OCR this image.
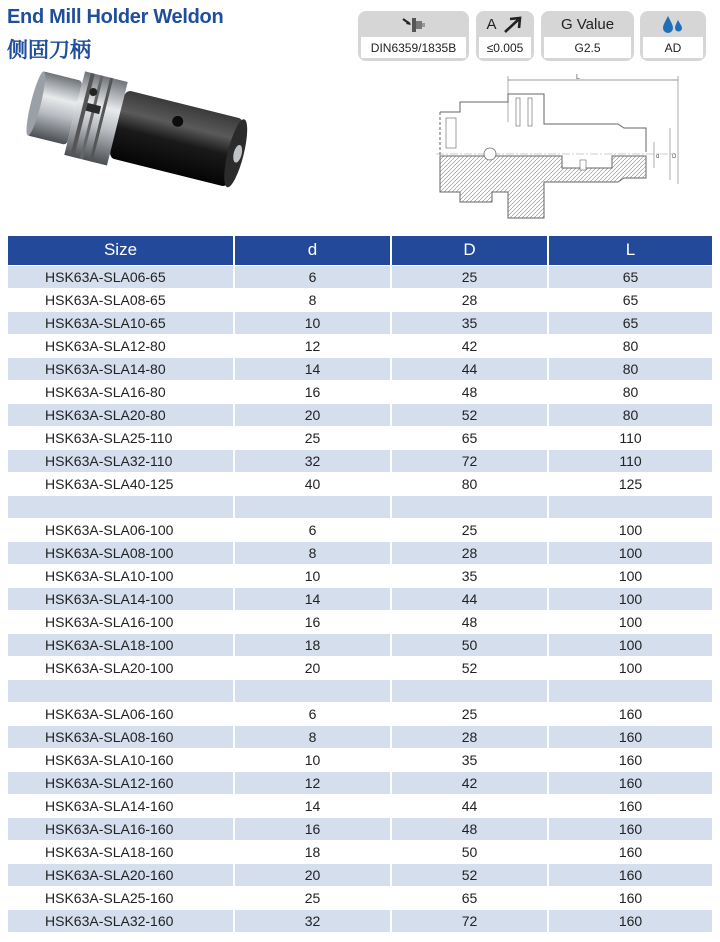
End Mill Holder Weldon
侧固刀柄	DIN6359/1835B
A
≤0.005
G Value
G2.5	AD
L
d D
Size	d	D	L
HSK63A-SLA06-65	6	25	65
HSK63A-SLA08-65	8	28	65
HSK63A-SLA10-65	10	35	65
HSK63A-SLA12-80	12	42	80
HSK63A-SLA14-80	14	44	80
HSK63A-SLA16-80	16	48	80
HSK63A-SLA20-80	20	52	80
HSK63A-SLA25-110	25	65	110
HSK63A-SLA32-110	32	72	110
HSK63A-SLA40-125	40	80	125

HSK63A-SLA06-100	6	25	100
HSK63A-SLA08-100	8	28	100
HSK63A-SLA10-100	10	35	100
HSK63A-SLA14-100	14	44	100
HSK63A-SLA16-100	16	48	100
HSK63A-SLA18-100	18	50	100
HSK63A-SLA20-100	20	52	100

HSK63A-SLA06-160	6	25	160
HSK63A-SLA08-160	8	28	160
HSK63A-SLA10-160	10	35	160
HSK63A-SLA12-160	12	42	160
HSK63A-SLA14-160	14	44	160
HSK63A-SLA16-160	16	48	160
HSK63A-SLA18-160	18	50	160
HSK63A-SLA20-160	20	52	160
HSK63A-SLA25-160	25	65	160
HSK63A-SLA32-160	32	72	160
